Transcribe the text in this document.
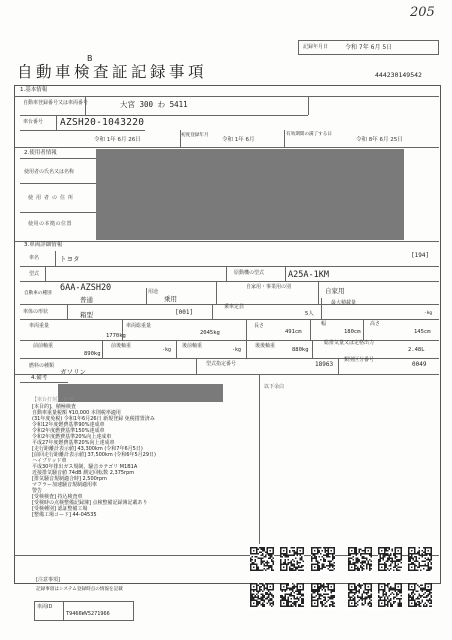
205
B
記録年月日	令和 7年 6月 5日
自動車検査証記録事項	444230149542
1.基本情報
自動車登録番号又は車両番号	大宮 300 わ 5411
車台番号 AZSH20-1043220
令和 1年 6月 26日
初度登録年月
令和 1年 6月
有効期間の満了する日
令和 8年 6月 25日
2.使用者情報
使用者の氏名又は名称
使用者の住所
使用の本拠の位置
3.車両詳細情報
車名	トヨタ	[194]
型式
6AA-AZSH20
原動機の型式	A25A-1KM
自動車の種別
普通
用途
乗用
自家用・事業用の別	自家用
車体の形状	箱型	[001]
乗車定員
5人
最大積載量
-kg
車両重量
1770kg
車両総重量
2045kg
長さ
491cm
幅
180cm
高さ
145cm
前前軸重
890kg
前後軸重
-kg
後前軸重
-kg
後後軸重
880kg
総排気量又は定格出力
2.48L
燃料の種類
ガソリン
型式指定番号	18963
類別区分番号
0049
4.備考
以下余白
[本目的]、積極検査
自動車重量税額 ¥10,000 本則税率適用
(31年度免税) 令和1年6月26日 新規登録 免税措置済み
令和12年度燃費基準90%達成車
令和2年度燃費基準150%達成車
令和2年度燃費基準20%向上達成車
平成27年度燃費基準20%向上達成車
[走行距離計表示値] 43,300km (令和7年6月5日)
[前回走行距離計表示値] 37,500km (令和6年5月29日)
ハイブリッド車
平成30年排出ガス規制、騒音カテゴリ M1B1A
近接排気騒音値 74dB 測定回転数 2,375rpm
[排気騒音規制適合時] 2,500rpm
マフラー加速騒音規制適用車
警告
[受検検査] 持込検査車
[受検時の点検整備記録簿] 点検整備記録簿記載あり
[受検種別] 認証整備工場
[整備工場コード] 44-04535
【車台打刻】 B-M ...
[注意事項]
記録事項はシステム登録時点の情報を記載
車両ID
T9466WV5271966
